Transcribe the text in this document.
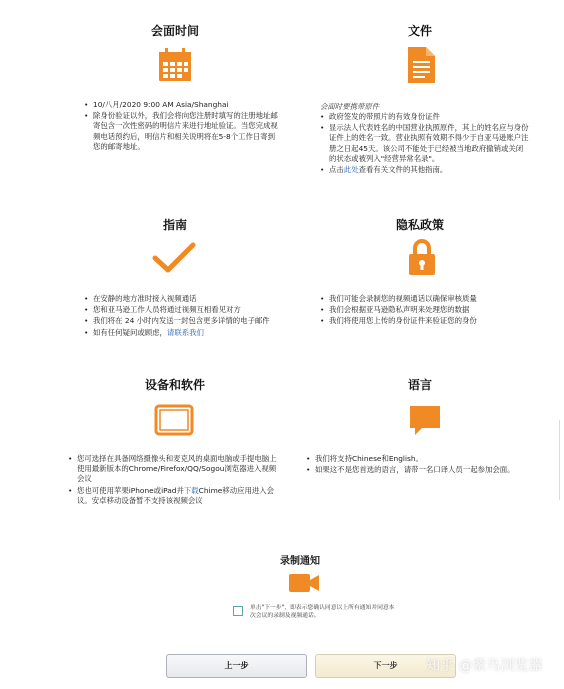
会面时间
• 10/八月/2020 9:00 AM Asia/Shanghai
• 除身份验证以外，我们会将向您注册时填写的注册地址邮寄包含一次性密码的明信片来进行地址验证。当您完成视频电话预约后，明信片和相关说明将在5-8个工作日寄到您的邮寄地址。
文件
会面时要携带原件
• 政府签发的带照片的有效身份证件
• 显示法人代表姓名的中国营业执照原件，其上的姓名应与身份证件上的姓名一致。营业执照有效期不得少于自亚马逊账户注册之日起45天。该公司不能处于已经被当地政府撤销或关闭的状态或被列入"经营异常名录"。
• 点击此处查看有关文件的其他指南。
指南
• 在安静的地方准时接入视频通话
• 您和亚马逊工作人员将通过视频互相看见对方
• 我们将在 24 小时内发送一封包含更多详情的电子邮件
• 如有任何疑问或顾虑，请联系我们
隐私政策
• 我们可能会录制您的视频通话以确保审核质量
• 我们会根据亚马逊隐私声明来处理您的数据
• 我们将使用您上传的身份证件来验证您的身份
设备和软件
• 您可选择在具备网络摄像头和麦克风的桌面电脑或手提电脑上使用最新版本的Chrome/Firefox/QQ/Sogou浏览器进入视频会议
• 您也可使用苹果iPhone或iPad并下载Chime移动应用进入会议。安卓移动设备暂不支持该视频会议
语言
• 我们将支持Chinese和English。
• 如果这不是您首选的语言，请带一名口译人员一起参加会面。
录制通知
单击"下一步"，即表示您确认同意以上所有通知并同意本次会议的录制及视频通话。
上一步	下一步	知乎 @紫鸟浏览器
